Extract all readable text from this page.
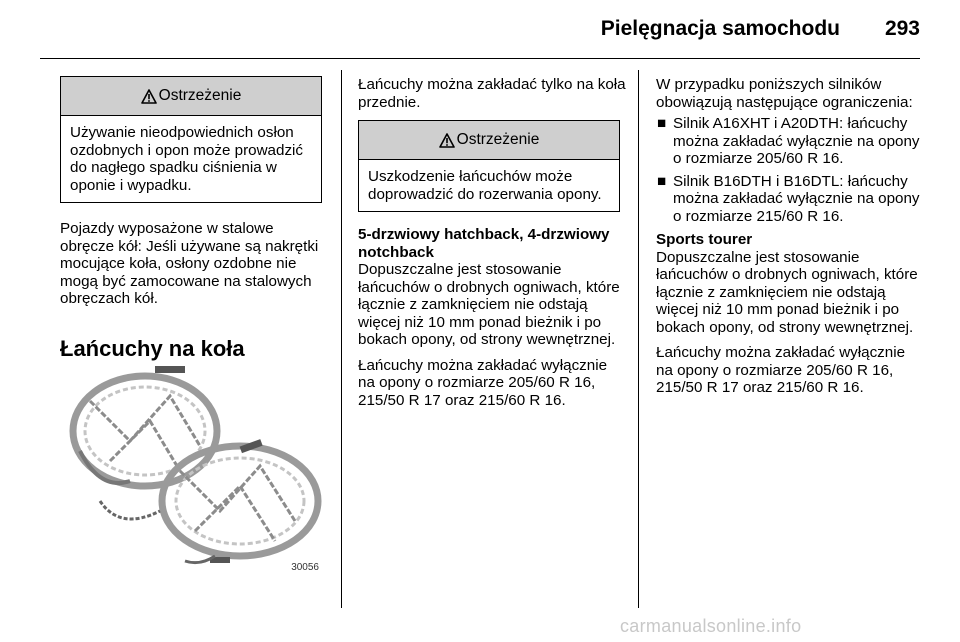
Pielęgnacja samochodu 293
Ostrzeżenie
Używanie nieodpowiednich osłon ozdobnych i opon może prowadzić do nagłego spadku ciśnienia w oponie i wypadku.
Pojazdy wyposażone w stalowe obręcze kół: Jeśli używane są nakrętki mocujące koła, osłony ozdobne nie mogą być zamocowane na stalowych obręczach kół.
Łańcuchy na koła
30056
Łańcuchy można zakładać tylko na koła przednie.
Ostrzeżenie
Uszkodzenie łańcuchów może doprowadzić do rozerwania opony.
5-drzwiowy hatchback, 4-drzwiowy notchback
Dopuszczalne jest stosowanie łańcuchów o drobnych ogniwach, które łącznie z zamknięciem nie odstają więcej niż 10 mm ponad bieżnik i po bokach opony, od strony wewnętrznej.
Łańcuchy można zakładać wyłącznie na opony o rozmiarze 205/60 R 16, 215/50 R 17 oraz 215/60 R 16.
W przypadku poniższych silników obowiązują następujące ograniczenia:
■ Silnik A16XHT i A20DTH: łańcuchy można zakładać wyłącznie na opony o rozmiarze 205/60 R 16.
■ Silnik B16DTH i B16DTL: łańcuchy można zakładać wyłącznie na opony o rozmiarze 215/60 R 16.
Sports tourer
Dopuszczalne jest stosowanie łańcuchów o drobnych ogniwach, które łącznie z zamknięciem nie odstają więcej niż 10 mm ponad bieżnik i po bokach opony, od strony wewnętrznej.
Łańcuchy można zakładać wyłącznie na opony o rozmiarze 205/60 R 16, 215/50 R 17 oraz 215/60 R 16.
carmanualsonline.info
